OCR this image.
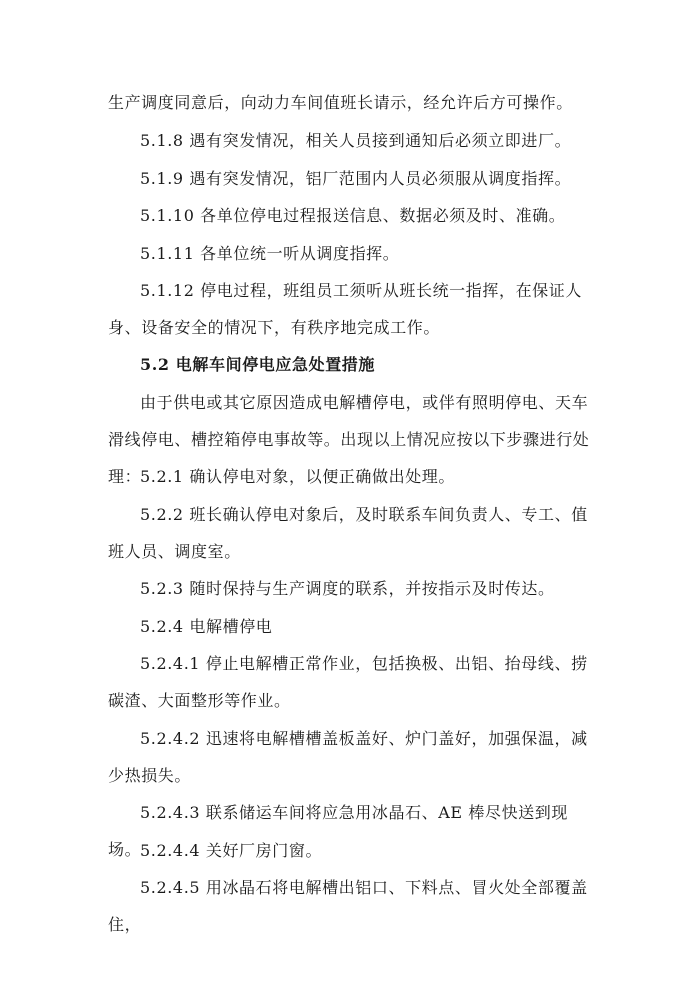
生产调度同意后，向动力车间值班长请示，经允许后方可操作。

5.1.8 遇有突发情况，相关人员接到通知后必须立即进厂。

5.1.9 遇有突发情况，铝厂范围内人员必须服从调度指挥。

5.1.10 各单位停电过程报送信息、数据必须及时、准确。

5.1.11 各单位统一听从调度指挥。

5.1.12 停电过程，班组员工须听从班长统一指挥，在保证人身、设备安全的情况下，有秩序地完成工作。

5.2 电解车间停电应急处置措施

由于供电或其它原因造成电解槽停电，或伴有照明停电、天车滑线停电、槽控箱停电事故等。出现以上情况应按以下步骤进行处理：

5.2.1 确认停电对象，以便正确做出处理。

5.2.2 班长确认停电对象后，及时联系车间负责人、专工、值班人员、调度室。

5.2.3 随时保持与生产调度的联系，并按指示及时传达。

5.2.4 电解槽停电

5.2.4.1 停止电解槽正常作业，包括换极、出铝、抬母线、捞碳渣、大面整形等作业。

5.2.4.2 迅速将电解槽槽盖板盖好、炉门盖好，加强保温，减少热损失。

5.2.4.3 联系储运车间将应急用冰晶石、AE 棒尽快送到现场。

5.2.4.4 关好厂房门窗。

5.2.4.5 用冰晶石将电解槽出铝口、下料点、冒火处全部覆盖住，
